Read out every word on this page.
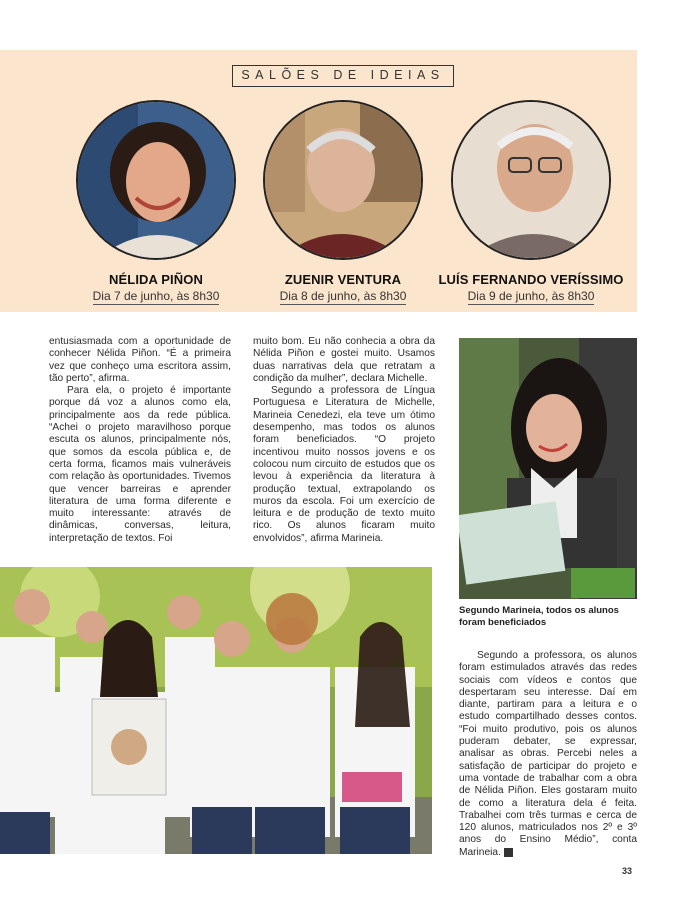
SALÕES DE IDEIAS
NÉLIDA PIÑON
Dia 7 de junho, às 8h30
ZUENIR VENTURA
Dia 8 de junho, às 8h30
LUÍS FERNANDO VERÍSSIMO
Dia 9 de junho, às 8h30

entusiasmada com a oportunidade de conhecer Nélida Piñon. “É a primeira vez que conheço uma escritora assim, tão perto”, afirma.

Para ela, o projeto é importante porque dá voz a alunos como ela, principalmente aos da rede pública. “Achei o projeto maravilhoso porque escuta os alunos, principalmente nós, que somos da escola pública e, de certa forma, ficamos mais vulneráveis com relação às oportunidades. Tivemos que vencer barreiras e aprender literatura de uma forma diferente e muito interessante: através de dinâmicas, conversas, leitura, interpretação de textos. Foi

muito bom. Eu não conhecia a obra da Nélida Piñon e gostei muito. Usamos duas narrativas dela que retratam a condição da mulher”, declara Michelle.

Segundo a professora de Língua Portuguesa e Literatura de Michelle, Marineia Cenedezi, ela teve um ótimo desempenho, mas todos os alunos foram beneficiados. “O projeto incentivou muito nossos jovens e os colocou num circuito de estudos que os levou à experiência da literatura à produção textual, extrapolando os muros da escola. Foi um exercício de leitura e de produção de texto muito rico. Os alunos ficaram muito envolvidos”, afirma Marineia.

Segundo Marineia, todos os alunos foram beneficiados

Segundo a professora, os alunos foram estimulados através das redes sociais com vídeos e contos que despertaram seu interesse. Daí em diante, partiram para a leitura e o estudo compartilhado desses contos. “Foi muito produtivo, pois os alunos puderam debater, se expressar, analisar as obras. Percebi neles a satisfação de participar do projeto e uma vontade de trabalhar com a obra de Nélida Piñon. Eles gostaram muito de como a literatura dela é feita. Trabalhei com três turmas e cerca de 120 alunos, matriculados nos 2º e 3º anos do Ensino Médio”, conta Marineia.

33
